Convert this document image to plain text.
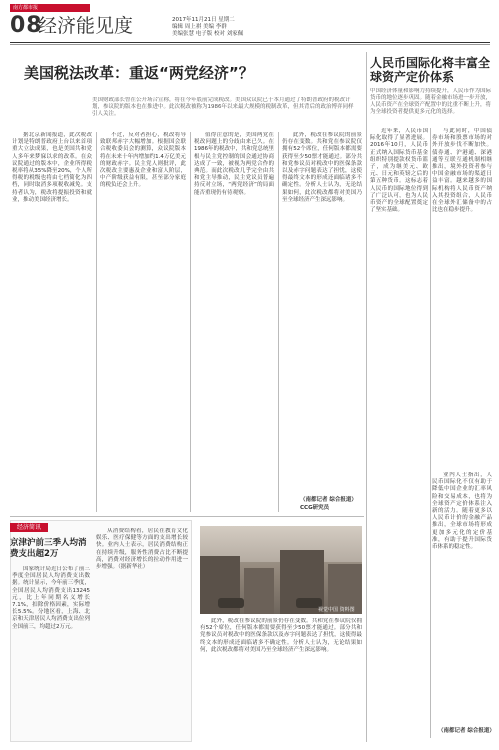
南方都市报
08
经济能见度	2017年11月21日 星期二
编辑 周上祺 美编 李群
美编张慧 电子版 校对 刘家佩
美国税法改革：重返“两党经济”？
美国财政部长曾在公开场合宣称，将在今年底前完成税改。美国众议院已于本月通过了特朗普政府的税改计划，参议院的版本也在推进中。此次税改被称为1986年以来最大规模的税制改革，但其背后的政治博弈同样引人关注。

据北京新闻报道，此次税改计划是特朗普政府上台以来首项重大立法成果，也是美国共和党人多年来梦寐以求的改革。在众议院通过的版本中，企业所得税税率将从35%降至20%，个人所得税的税级也将由七档简化为四档，同时取消多项税收减免。支持者认为，税改将提振投资和就业，推动美国经济增长。

不过，反对者担心，税改将导致联邦赤字大幅增加。根据国会联合税收委员会的测算，众议院版本将在未来十年内增加约1.4万亿美元的财政赤字。民主党人则批评，此次税改主要惠及企业和富人阶层，中产阶级获益有限，甚至部分家庭的税负还会上升。

值得注意的是，美国两党在税改问题上的分歧由来已久。在1986年的税改中，共和党总统里根与民主党控制的国会通过协商达成了一致，被视为两党合作的典范。而此次税改几乎完全由共和党主导推动，民主党议员普遍持反对立场，“两党经济”的局面能否重现仍有待观察。

此外，税改在参议院的前景仍存在变数。共和党在参议院仅拥有52个席位，任何版本都需要获得至少50票才能通过。部分共和党参议员对税改中的医保条款以及赤字问题表达了担忧，这使得最终文本的形成还面临诸多不确定性。分析人士认为，无论结果如何，此次税改都将对美国乃至全球经济产生深远影响。

（南都记者 综合报道）
CCG研究员
人民币国际化将丰富全球资产定价体系
中国经济体量和影响力持续提升，人民币作为国际货币的地位逐步巩固。随着金融市场进一步开放，人民币资产在全球资产配置中的比重不断上升，将为全球投资者提供更多元化的选择。

近年来，人民币国际化取得了显著进展。2016年10月，人民币正式纳入国际货币基金组织特别提款权货币篮子，成为继美元、欧元、日元和英镑之后的第五种货币。这标志着人民币的国际地位得到了广泛认可，也为人民币资产的全球配置奠定了坚实基础。

与此同时，中国债券市场和股票市场的对外开放步伐不断加快。债券通、沪港通、深港通等互联互通机制相继推出，境外投资者参与中国金融市场的渠道日益丰富。越来越多的国际机构将人民币资产纳入其投资组合，人民币在全球外汇储备中的占比也在稳步提升。

业内人士指出，人民币国际化不仅有助于降低中国企业的汇率风险和交易成本，也将为全球资产定价体系注入新的活力。随着更多以人民币计价的金融产品推出，全球市场将形成更加多元化的定价基准，有助于提升国际货币体系的稳定性。

（南都记者 综合报道）
经济简讯
京津沪前三季人均消费支出超2万

国家统计局近日公布了前三季度全国居民人均消费支出数据。统计显示，今年前三季度，全国居民人均消费支出13245元，比上年同期名义增长7.1%，扣除价格因素，实际增长5.5%。分地区看，上海、北京和天津居民人均消费支出位列全国前三，均超过2万元。

从消费结构看，居民在教育文化娱乐、医疗保健等方面的支出增长较快。业内人士表示，居民消费结构正在持续升级，服务性消费占比不断提高，消费对经济增长的拉动作用进一步增强。（据新华社）

视觉中国 资料图

此外，税改在参议院的前景仍存在变数。共和党在参议院仅拥有52个席位，任何版本都需要获得至少50票才能通过。部分共和党参议员对税改中的医保条款以及赤字问题表达了担忧，这使得最终文本的形成还面临诸多不确定性。分析人士认为，无论结果如何，此次税改都将对美国乃至全球经济产生深远影响。
